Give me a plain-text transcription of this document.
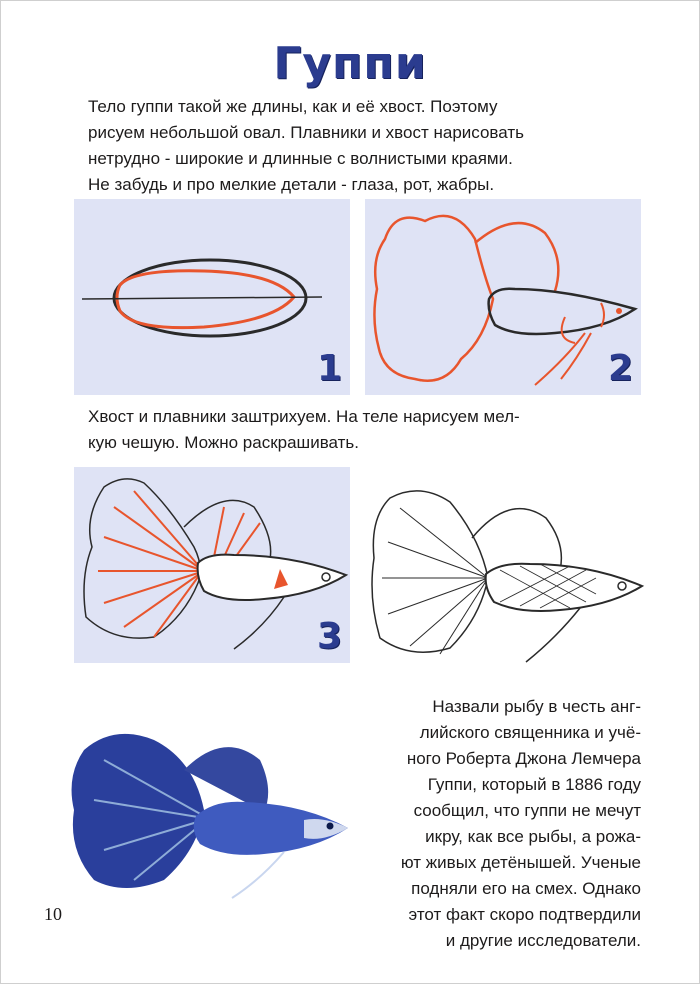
Гуппи
Тело гуппи такой же длины, как и её хвост. Поэтому
рисуем небольшой овал. Плавники и хвост нарисовать
нетрудно - широкие и длинные с волнистыми краями.
Не забудь и про мелкие детали - глаза, рот, жабры.
1	2
Хвост и плавники заштрихуем. На теле нарисуем мел-
кую чешую. Можно раскрашивать.
3
Назвали рыбу в честь анг-
лийского священника и учё-
ного Роберта Джона Лемчера
Гуппи, который в 1886 году
сообщил, что гуппи не мечут
икру, как все рыбы, а рожа-
ют живых детёнышей. Ученые
подняли его на смех. Однако
этот факт скоро подтвердили
и другие исследователи.
10
